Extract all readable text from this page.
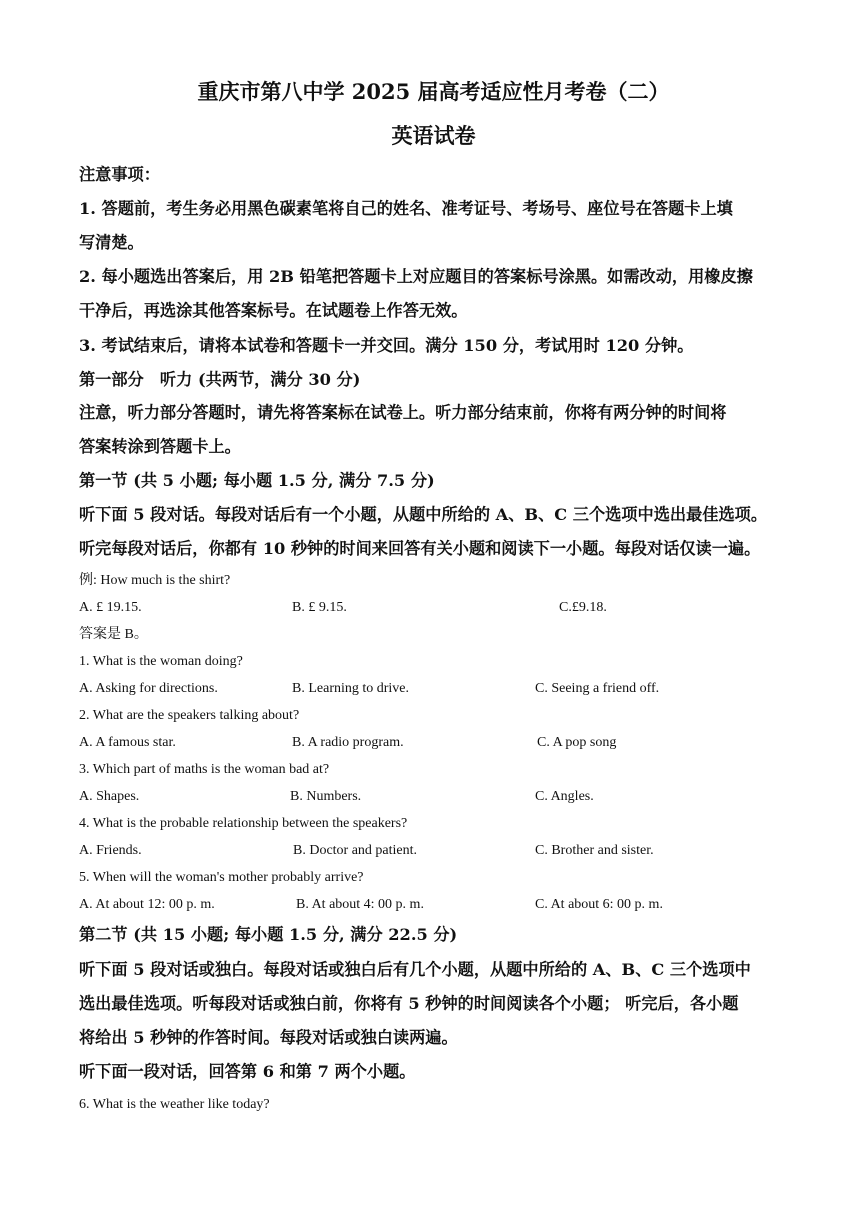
重庆市第八中学 2025 届高考适应性月考卷（二）
英语试卷
注意事项：
1. 答题前，考生务必用黑色碳素笔将自己的姓名、准考证号、考场号、座位号在答题卡上填
写清楚。
2. 每小题选出答案后，用 2B 铅笔把答题卡上对应题目的答案标号涂黑。如需改动，用橡皮擦
干净后，再选涂其他答案标号。在试题卷上作答无效。
3. 考试结束后，请将本试卷和答题卡一并交回。满分 150 分，考试用时 120 分钟。
第一部分　听力 (共两节，满分 30 分)
注意，听力部分答题时，请先将答案标在试卷上。听力部分结束前，你将有两分钟的时间将
答案转涂到答题卡上。
第一节 (共 5 小题; 每小题 1.5 分, 满分 7.5 分)
听下面 5 段对话。每段对话后有一个小题，从题中所给的 A、B、C 三个选项中选出最佳选项。
听完每段对话后，你都有 10 秒钟的时间来回答有关小题和阅读下一小题。每段对话仅读一遍。
例: How much is the shirt?
A. £ 19.15.	B. £ 9.15.	C.£9.18.
答案是 B。
1. What is the woman doing?
A. Asking for directions.	B. Learning to drive.	C. Seeing a friend off.
2. What are the speakers talking about?
A. A famous star.	B. A radio program.	C. A pop song
3. Which part of maths is the woman bad at?
A. Shapes.	B. Numbers.	C. Angles.
4. What is the probable relationship between the speakers?
A. Friends.	B. Doctor and patient.	C. Brother and sister.
5. When will the woman's mother probably arrive?
A. At about 12: 00 p. m.	B. At about 4: 00 p. m.	C. At about 6: 00 p. m.
第二节 (共 15 小题; 每小题 1.5 分, 满分 22.5 分)
听下面 5 段对话或独白。每段对话或独白后有几个小题，从题中所给的 A、B、C 三个选项中
选出最佳选项。听每段对话或独白前，你将有 5 秒钟的时间阅读各个小题； 听完后，各小题
将给出 5 秒钟的作答时间。每段对话或独白读两遍。
听下面一段对话，回答第 6 和第 7 两个小题。
6. What is the weather like today?
